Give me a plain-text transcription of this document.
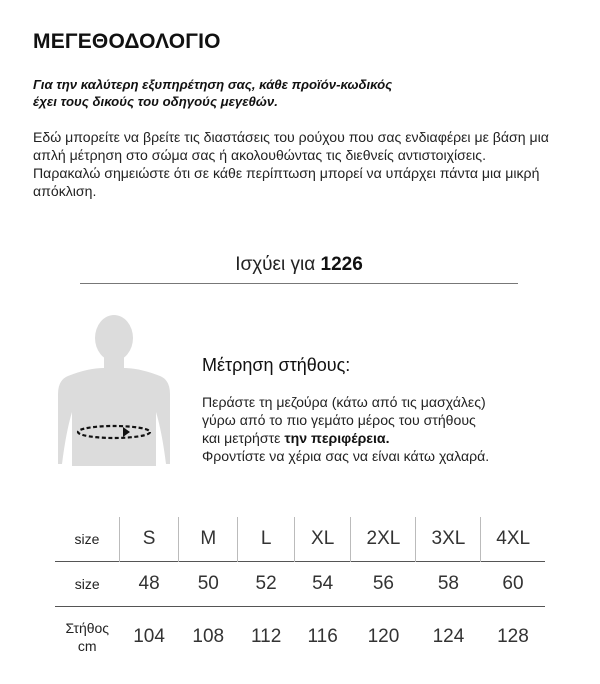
ΜΕΓΕΘΟΔΟΛΟΓΙΟ
Για την καλύτερη εξυπηρέτηση σας, κάθε προϊόν-κωδικός
έχει τους δικούς του οδηγούς μεγεθών.

Εδώ μπορείτε να βρείτε τις διαστάσεις του ρούχου που σας ενδιαφέρει με βάση μια απλή μέτρηση στο σώμα σας ή ακολουθώντας τις διεθνείς αντιστοιχίσεις.

Παρακαλώ σημειώστε ότι σε κάθε περίπτωση μπορεί να υπάρχει πάντα μια μικρή απόκλιση.

Ισχύει για 1226
Μέτρηση στήθους:
Περάστε τη μεζούρα (κάτω από τις μασχάλες)
γύρω από το πιο γεμάτο μέρος του στήθους
και μετρήστε την περιφέρεια.
Φροντίστε να χέρια σας να είναι κάτω χαλαρά.
size	S	M	L	XL	2XL	3XL	4XL
size	48	50	52	54	56	58	60

Στήθος
cm	104	108	112	116	120	124	128
